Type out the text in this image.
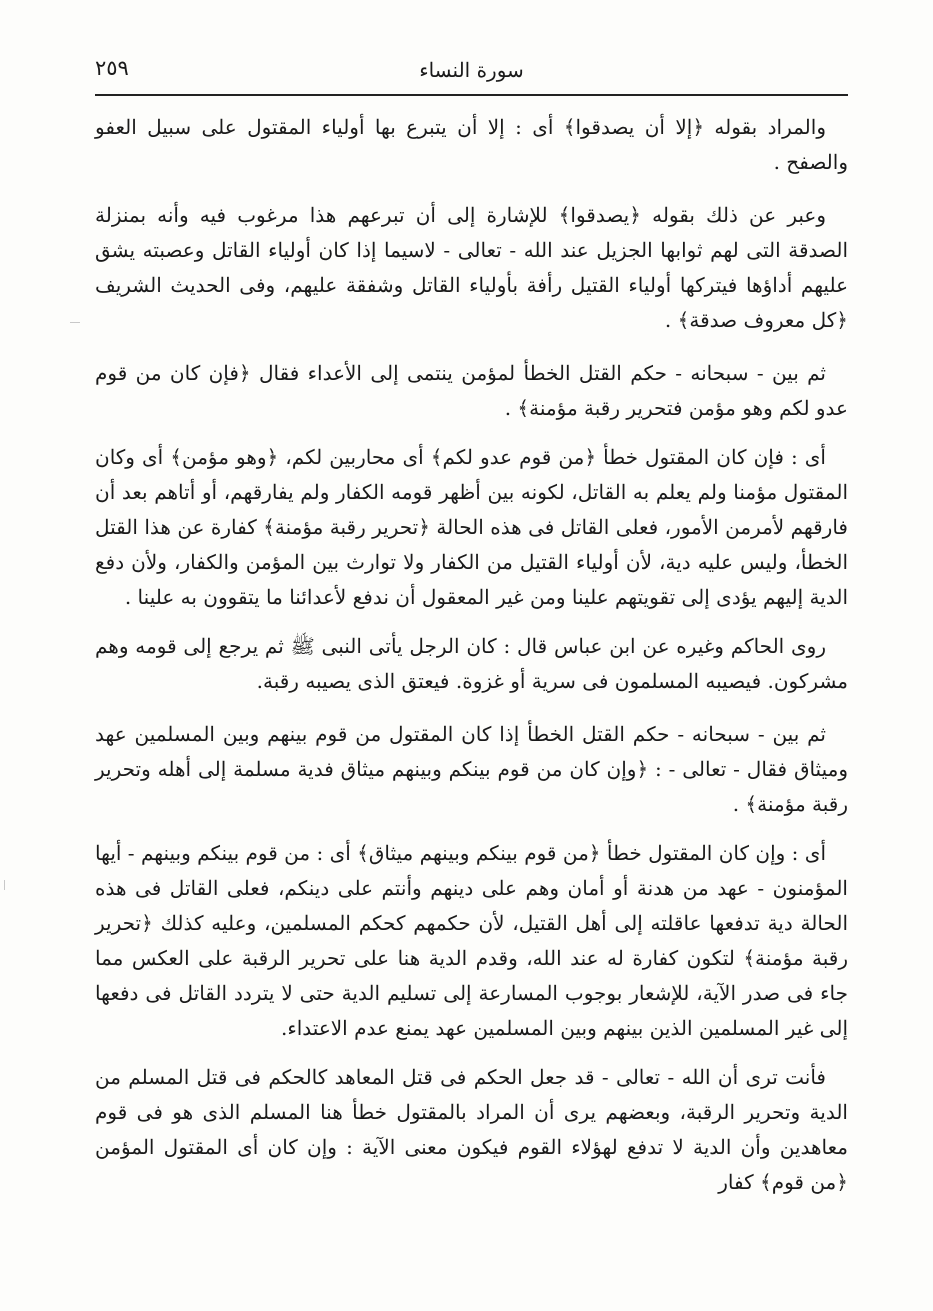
سورة النساء
٢٥٩

والمراد بقوله ﴿إلا أن يصدقوا﴾ أى : إلا أن يتبرع بها أولياء المقتول على سبيل العفو والصفح .

وعبر عن ذلك بقوله ﴿يصدقوا﴾ للإشارة إلى أن تبرعهم هذا مرغوب فيه وأنه بمنزلة الصدقة التى لهم ثوابها الجزيل عند الله - تعالى - لاسيما إذا كان أولياء القاتل وعصبته يشق عليهم أداؤها فيتركها أولياء القتيل رأفة بأولياء القاتل وشفقة عليهم، وفى الحديث الشريف ﴿كل معروف صدقة﴾ .

ثم بين - سبحانه - حكم القتل الخطأ لمؤمن ينتمى إلى الأعداء فقال ﴿فإن كان من قوم عدو لكم وهو مؤمن فتحرير رقبة مؤمنة﴾ .

أى : فإن كان المقتول خطأ ﴿من قوم عدو لكم﴾ أى محاربين لكم، ﴿وهو مؤمن﴾ أى وكان المقتول مؤمنا ولم يعلم به القاتل، لكونه بين أظهر قومه الكفار ولم يفارقهم، أو أتاهم بعد أن فارقهم لأمرمن الأمور، فعلى القاتل فى هذه الحالة ﴿تحرير رقبة مؤمنة﴾ كفارة عن هذا القتل الخطأ، وليس عليه دية، لأن أولياء القتيل من الكفار ولا توارث بين المؤمن والكفار، ولأن دفع الدية إليهم يؤدى إلى تقويتهم علينا ومن غير المعقول أن ندفع لأعدائنا ما يتقوون به علينا .

روى الحاكم وغيره عن ابن عباس قال : كان الرجل يأتى النبى ﷺ ثم يرجع إلى قومه وهم مشركون. فيصيبه المسلمون فى سرية أو غزوة. فيعتق الذى يصيبه رقبة.

ثم بين - سبحانه - حكم القتل الخطأ إذا كان المقتول من قوم بينهم وبين المسلمين عهد وميثاق فقال - تعالى - : ﴿وإن كان من قوم بينكم وبينهم ميثاق فدية مسلمة إلى أهله وتحرير رقبة مؤمنة﴾ .

أى : وإن كان المقتول خطأ ﴿من قوم بينكم وبينهم ميثاق﴾ أى : من قوم بينكم وبينهم - أيها المؤمنون - عهد من هدنة أو أمان وهم على دينهم وأنتم على دينكم، فعلى القاتل فى هذه الحالة دية تدفعها عاقلته إلى أهل القتيل، لأن حكمهم كحكم المسلمين، وعليه كذلك ﴿تحرير رقبة مؤمنة﴾ لتكون كفارة له عند الله، وقدم الدية هنا على تحرير الرقبة على العكس مما جاء فى صدر الآية، للإشعار بوجوب المسارعة إلى تسليم الدية حتى لا يتردد القاتل فى دفعها إلى غير المسلمين الذين بينهم وبين المسلمين عهد يمنع عدم الاعتداء.

فأنت ترى أن الله - تعالى - قد جعل الحكم فى قتل المعاهد كالحكم فى قتل المسلم من الدية وتحرير الرقبة، وبعضهم يرى أن المراد بالمقتول خطأ هنا المسلم الذى هو فى قوم معاهدين وأن الدية لا تدفع لهؤلاء القوم فيكون معنى الآية : وإن كان أى المقتول المؤمن ﴿من قوم﴾ كفار
